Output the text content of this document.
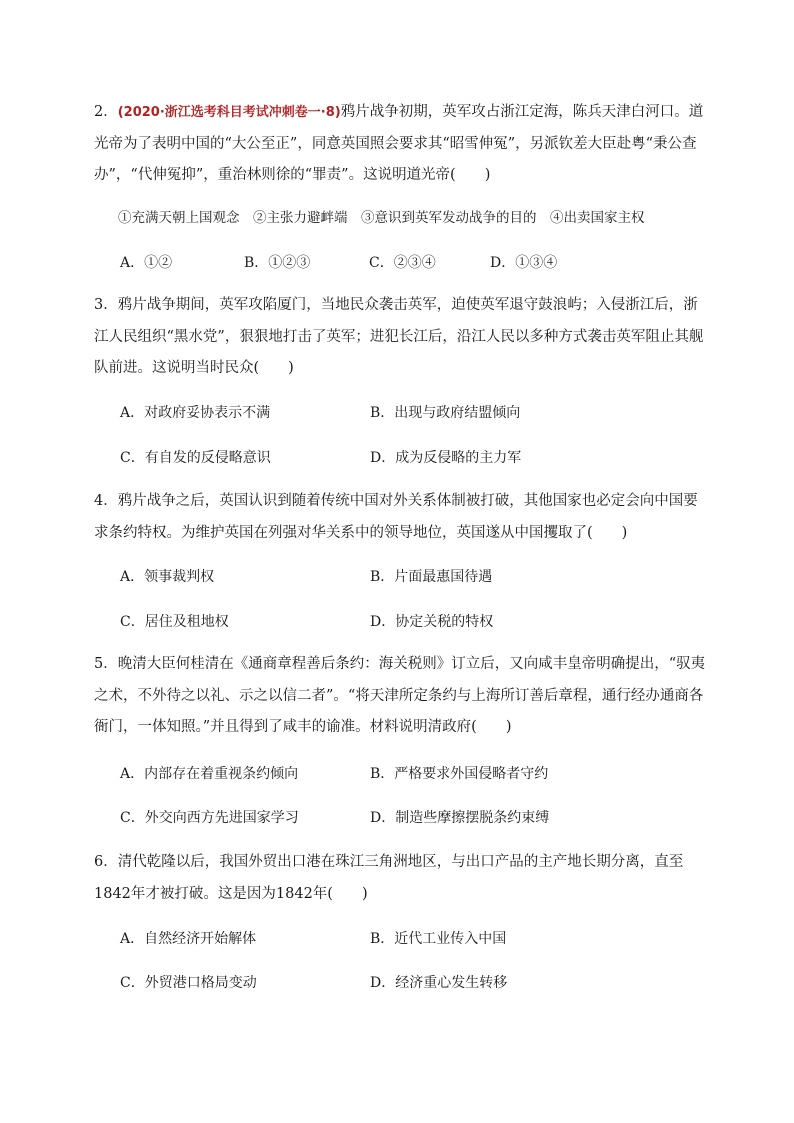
2．(2020·浙江选考科目考试冲刺卷一·8)鸦片战争初期，英军攻占浙江定海，陈兵天津白河口。道光帝为了表明中国的“大公至正”，同意英国照会要求其“昭雪伸冤”，另派钦差大臣赴粤“秉公查办”，“代伸冤抑”，重治林则徐的“罪责”。这说明道光帝(　　)
①充满天朝上国观念　②主张力避衅端　③意识到英军发动战争的目的　④出卖国家主权
A．①②	B．①②③	C．②③④	D．①③④
3．鸦片战争期间，英军攻陷厦门，当地民众袭击英军，迫使英军退守鼓浪屿；入侵浙江后，浙江人民组织“黑水党”，狠狠地打击了英军；进犯长江后，沿江人民以多种方式袭击英军阻止其舰队前进。这说明当时民众(　　)
A．对政府妥协表示不满	B．出现与政府结盟倾向
C．有自发的反侵略意识	D．成为反侵略的主力军
4．鸦片战争之后，英国认识到随着传统中国对外关系体制被打破，其他国家也必定会向中国要求条约特权。为维护英国在列强对华关系中的领导地位，英国遂从中国攫取了(　　)
A．领事裁判权	B．片面最惠国待遇
C．居住及租地权	D．协定关税的特权
5．晚清大臣何桂清在《通商章程善后条约：海关税则》订立后，又向咸丰皇帝明确提出，“驭夷之术，不外待之以礼、示之以信二者”。“将天津所定条约与上海所订善后章程，通行经办通商各衙门，一体知照。”并且得到了咸丰的谕准。材料说明清政府(　　)
A．内部存在着重视条约倾向	B．严格要求外国侵略者守约
C．外交向西方先进国家学习	D．制造些摩擦摆脱条约束缚
6．清代乾隆以后，我国外贸出口港在珠江三角洲地区，与出口产品的主产地长期分离，直至1842年才被打破。这是因为1842年(　　)
A．自然经济开始解体	B．近代工业传入中国
C．外贸港口格局变动	D．经济重心发生转移
